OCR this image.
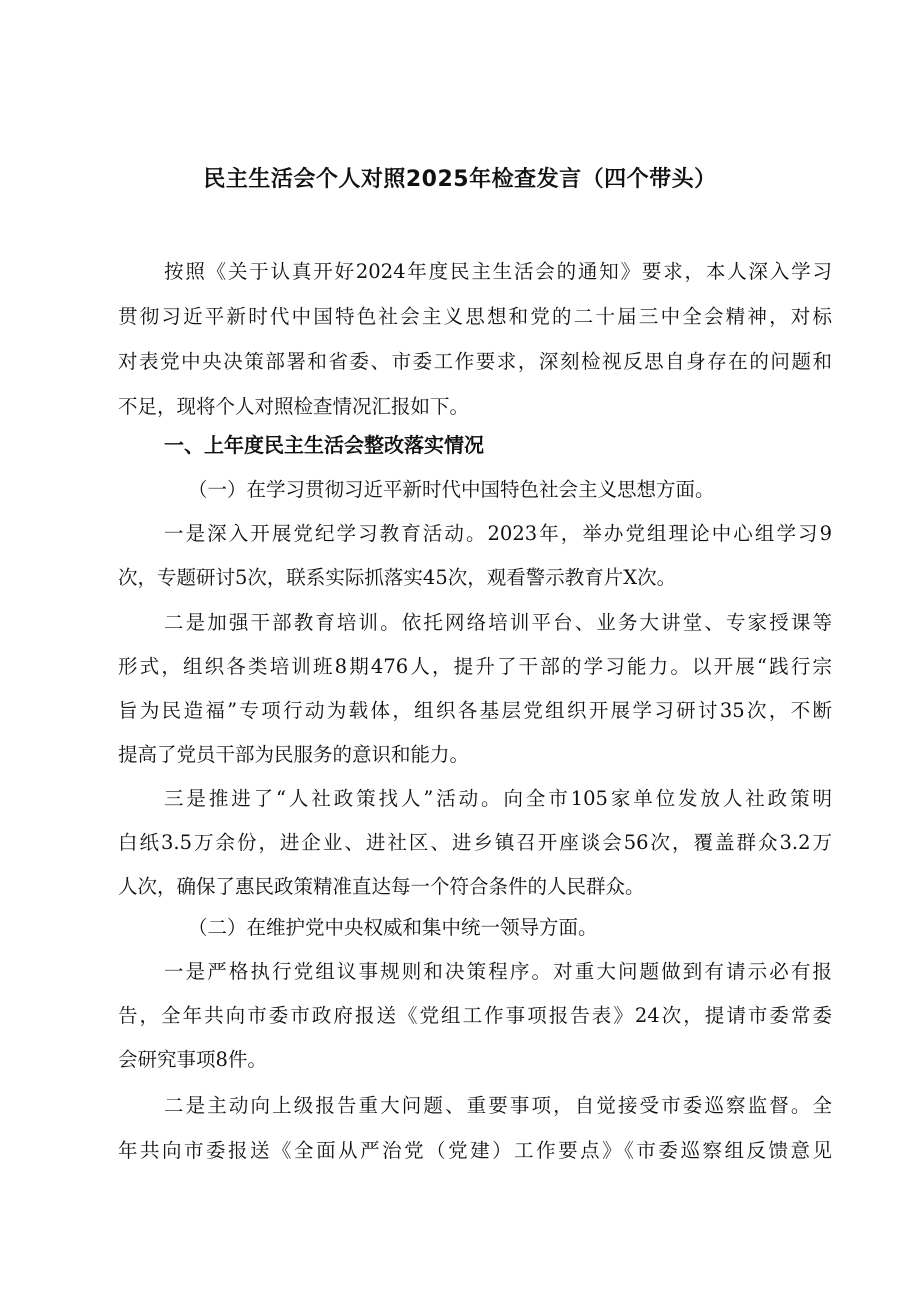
民主生活会个人对照2025年检查发言（四个带头）

按照《关于认真开好2024年度民主生活会的通知》要求，本人深入学习

贯彻习近平新时代中国特色社会主义思想和党的二十届三中全会精神，对标

对表党中央决策部署和省委、市委工作要求，深刻检视反思自身存在的问题和

不足，现将个人对照检查情况汇报如下。

一、上年度民主生活会整改落实情况

（一）在学习贯彻习近平新时代中国特色社会主义思想方面。

一是深入开展党纪学习教育活动。2023年，举办党组理论中心组学习9

次，专题研讨5次，联系实际抓落实45次，观看警示教育片X次。

二是加强干部教育培训。依托网络培训平台、业务大讲堂、专家授课等

形式，组织各类培训班8期476人，提升了干部的学习能力。以开展“践行宗

旨为民造福”专项行动为载体，组织各基层党组织开展学习研讨35次，不断

提高了党员干部为民服务的意识和能力。

三是推进了“人社政策找人”活动。向全市105家单位发放人社政策明

白纸3.5万余份，进企业、进社区、进乡镇召开座谈会56次，覆盖群众3.2万

人次，确保了惠民政策精准直达每一个符合条件的人民群众。

（二）在维护党中央权威和集中统一领导方面。

一是严格执行党组议事规则和决策程序。对重大问题做到有请示必有报

告，全年共向市委市政府报送《党组工作事项报告表》24次，提请市委常委

会研究事项8件。

二是主动向上级报告重大问题、重要事项，自觉接受市委巡察监督。全

年共向市委报送《全面从严治党（党建）工作要点》《市委巡察组反馈意见
